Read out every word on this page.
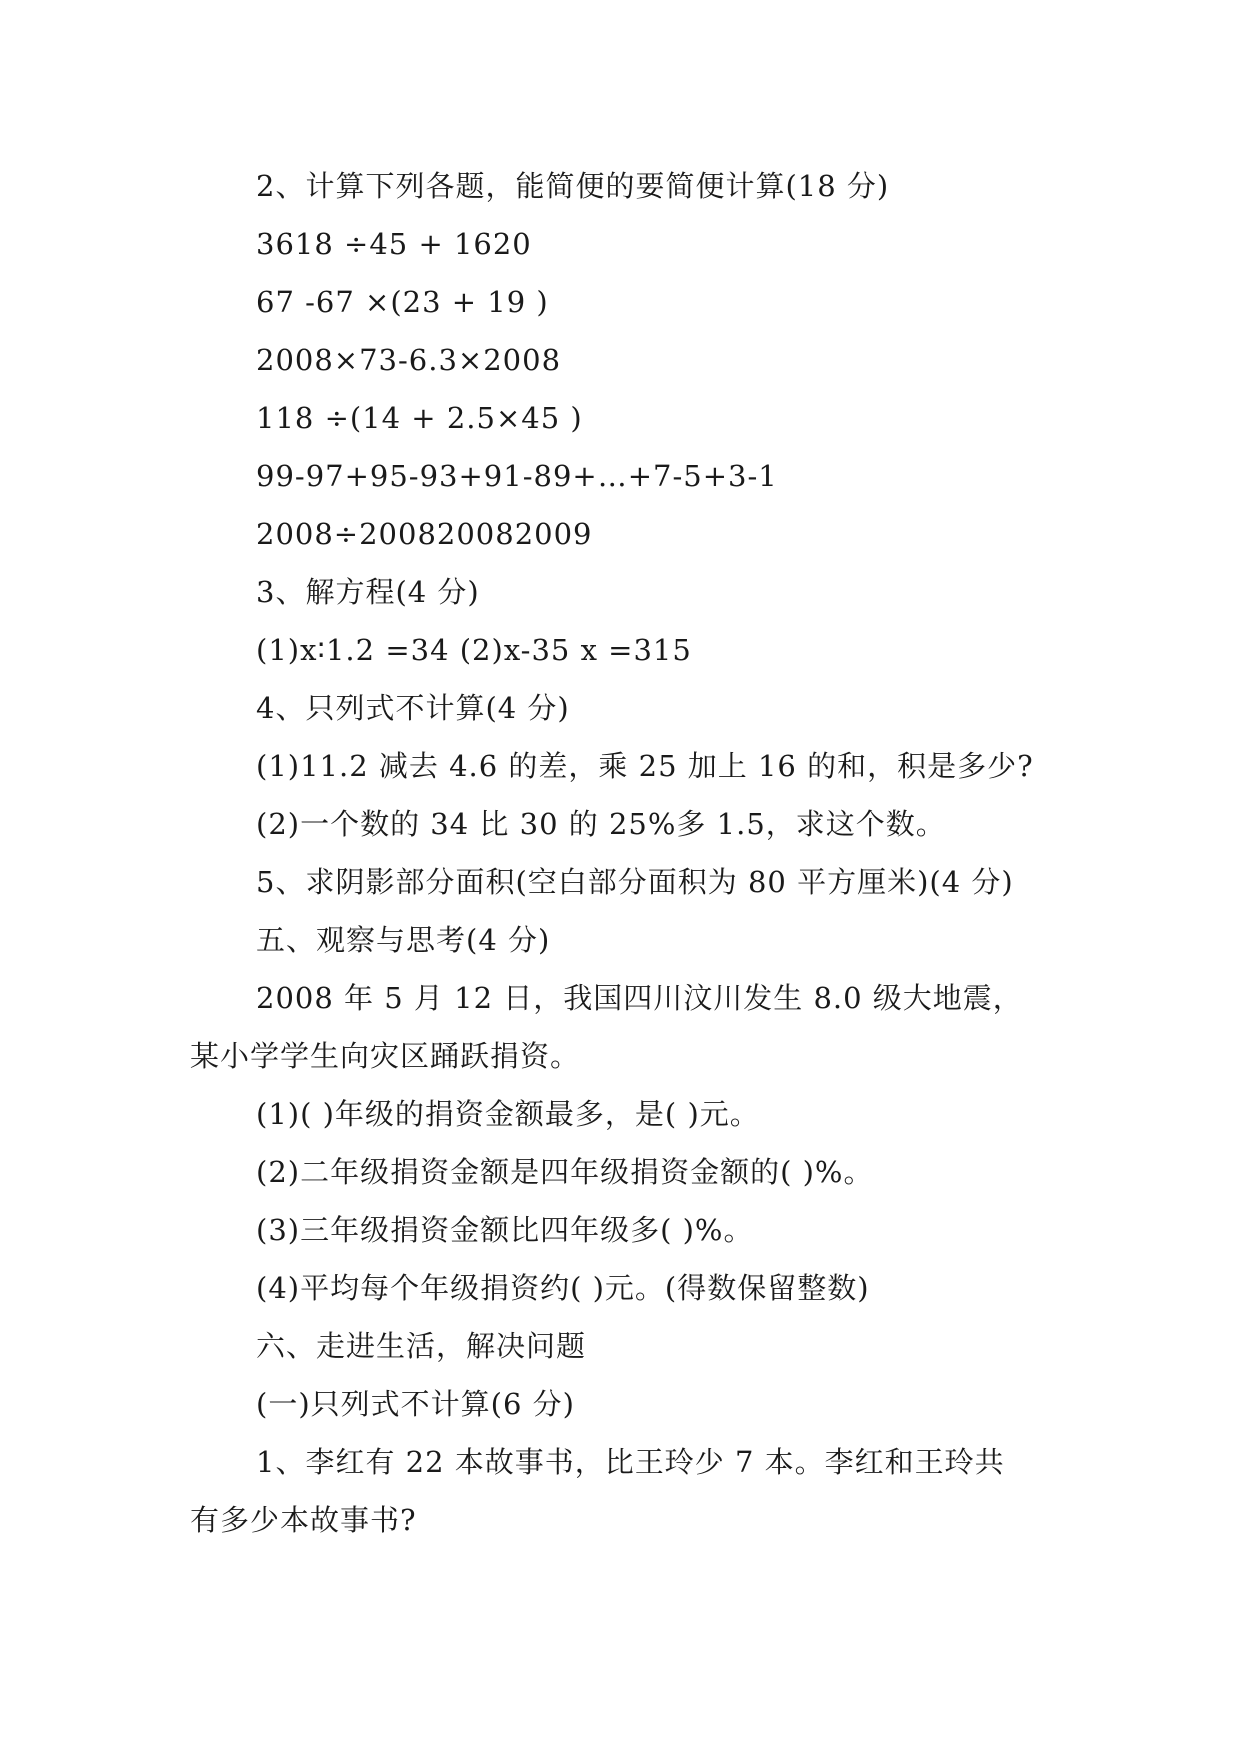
2、计算下列各题，能简便的要简便计算(18 分)
3618 ÷45 + 1620
67 -67 ×(23 + 19 )
2008×73-6.3×2008
118 ÷(14 + 2.5×45 )
99-97+95-93+91-89+…+7-5+3-1
2008÷200820082009
3、解方程(4 分)
(1)x∶1.2 =34 (2)x-35 x =315
4、只列式不计算(4 分)
(1)11.2 减去 4.6 的差，乘 25 加上 16 的和，积是多少?
(2)一个数的 34 比 30 的 25%多 1.5，求这个数。
5、求阴影部分面积(空白部分面积为 80 平方厘米)(4 分)
五、观察与思考(4 分)
2008 年 5 月 12 日，我国四川汶川发生 8.0 级大地震，
某小学学生向灾区踊跃捐资。
(1)( )年级的捐资金额最多，是( )元。
(2)二年级捐资金额是四年级捐资金额的( )%。
(3)三年级捐资金额比四年级多( )%。
(4)平均每个年级捐资约( )元。(得数保留整数)
六、走进生活，解决问题
(一)只列式不计算(6 分)
1、李红有 22 本故事书，比王玲少 7 本。李红和王玲共
有多少本故事书?
